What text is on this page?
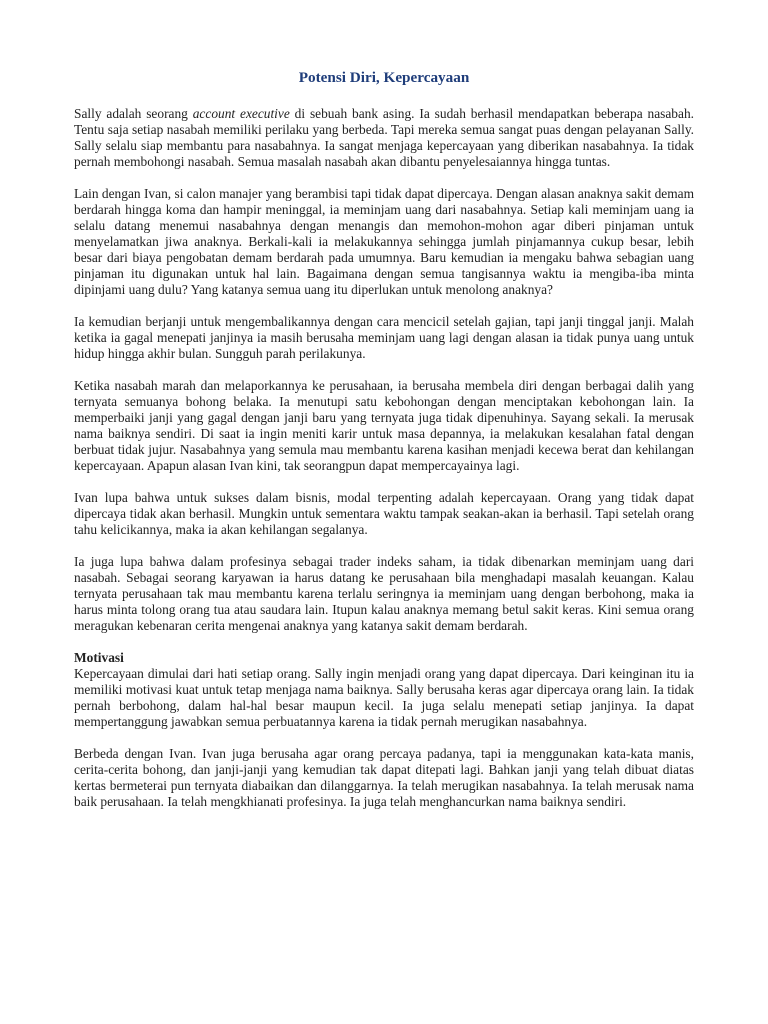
Potensi Diri, Kepercayaan

Sally adalah seorang account executive di sebuah bank asing. Ia sudah berhasil mendapatkan beberapa nasabah. Tentu saja setiap nasabah memiliki perilaku yang berbeda. Tapi mereka semua sangat puas dengan pelayanan Sally. Sally selalu siap membantu para nasabahnya. Ia sangat menjaga kepercayaan yang diberikan nasabahnya. Ia tidak pernah membohongi nasabah. Semua masalah nasabah akan dibantu penyelesaiannya hingga tuntas.

Lain dengan Ivan, si calon manajer yang berambisi tapi tidak dapat dipercaya. Dengan alasan anaknya sakit demam berdarah hingga koma dan hampir meninggal, ia meminjam uang dari nasabahnya. Setiap kali meminjam uang ia selalu datang menemui nasabahnya dengan menangis dan memohon-mohon agar diberi pinjaman untuk menyelamatkan jiwa anaknya. Berkali-kali ia melakukannya sehingga jumlah pinjamannya cukup besar, lebih besar dari biaya pengobatan demam berdarah pada umumnya. Baru kemudian ia mengaku bahwa sebagian uang pinjaman itu digunakan untuk hal lain. Bagaimana dengan semua tangisannya waktu ia mengiba-iba minta dipinjami uang dulu? Yang katanya semua uang itu diperlukan untuk menolong anaknya?

Ia kemudian berjanji untuk mengembalikannya dengan cara mencicil setelah gajian, tapi janji tinggal janji. Malah ketika ia gagal menepati janjinya ia masih berusaha meminjam uang lagi dengan alasan ia tidak punya uang untuk hidup hingga akhir bulan. Sungguh parah perilakunya.

Ketika nasabah marah dan melaporkannya ke perusahaan, ia berusaha membela diri dengan berbagai dalih yang ternyata semuanya bohong belaka. Ia menutupi satu kebohongan dengan menciptakan kebohongan lain. Ia memperbaiki janji yang gagal dengan janji baru yang ternyata juga tidak dipenuhinya. Sayang sekali. Ia merusak nama baiknya sendiri. Di saat ia ingin meniti karir untuk masa depannya, ia melakukan kesalahan fatal dengan berbuat tidak jujur. Nasabahnya yang semula mau membantu karena kasihan menjadi kecewa berat dan kehilangan kepercayaan. Apapun alasan Ivan kini, tak seorangpun dapat mempercayainya lagi.

Ivan lupa bahwa untuk sukses dalam bisnis, modal terpenting adalah kepercayaan. Orang yang tidak dapat dipercaya tidak akan berhasil. Mungkin untuk sementara waktu tampak seakan-akan ia berhasil. Tapi setelah orang tahu kelicikannya, maka ia akan kehilangan segalanya.

Ia juga lupa bahwa dalam profesinya sebagai trader indeks saham, ia tidak dibenarkan meminjam uang dari nasabah. Sebagai seorang karyawan ia harus datang ke perusahaan bila menghadapi masalah keuangan. Kalau ternyata perusahaan tak mau membantu karena terlalu seringnya ia meminjam uang dengan berbohong, maka ia harus minta tolong orang tua atau saudara lain. Itupun kalau anaknya memang betul sakit keras. Kini semua orang meragukan kebenaran cerita mengenai anaknya yang katanya sakit demam berdarah.

Motivasi

Kepercayaan dimulai dari hati setiap orang. Sally ingin menjadi orang yang dapat dipercaya. Dari keinginan itu ia memiliki motivasi kuat untuk tetap menjaga nama baiknya. Sally berusaha keras agar dipercaya orang lain. Ia tidak pernah berbohong, dalam hal-hal besar maupun kecil. Ia juga selalu menepati setiap janjinya. Ia dapat mempertanggung jawabkan semua perbuatannya karena ia tidak pernah merugikan nasabahnya.

Berbeda dengan Ivan. Ivan juga berusaha agar orang percaya padanya, tapi ia menggunakan kata-kata manis, cerita-cerita bohong, dan janji-janji yang kemudian tak dapat ditepati lagi. Bahkan janji yang telah dibuat diatas kertas bermeterai pun ternyata diabaikan dan dilanggarnya. Ia telah merugikan nasabahnya. Ia telah merusak nama baik perusahaan. Ia telah mengkhianati profesinya. Ia juga telah menghancurkan nama baiknya sendiri.
